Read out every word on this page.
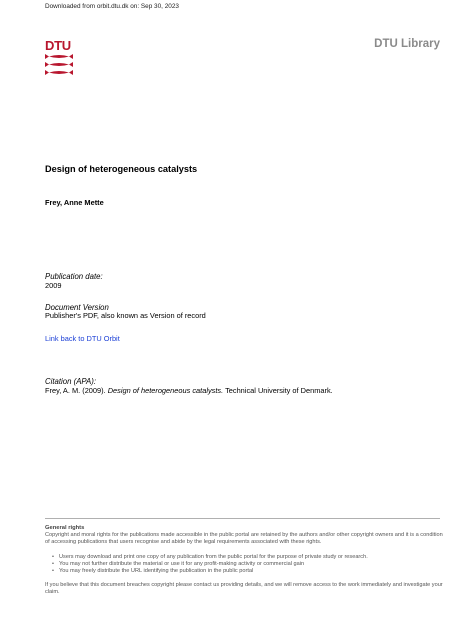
Downloaded from orbit.dtu.dk on: Sep 30, 2023
DTU	DTU Library
Design of heterogeneous catalysts
Frey, Anne Mette
Publication date:
2009
Document Version
Publisher's PDF, also known as Version of record
Link back to DTU Orbit
Citation (APA):
Frey, A. M. (2009). Design of heterogeneous catalysts. Technical University of Denmark.
General rights
Copyright and moral rights for the publications made accessible in the public portal are retained by the authors and/or other copyright owners and it is a condition of accessing publications that users recognise and abide by the legal requirements associated with these rights.
• Users may download and print one copy of any publication from the public portal for the purpose of private study or research.
• You may not further distribute the material or use it for any profit-making activity or commercial gain
• You may freely distribute the URL identifying the publication in the public portal
If you believe that this document breaches copyright please contact us providing details, and we will remove access to the work immediately and investigate your claim.
